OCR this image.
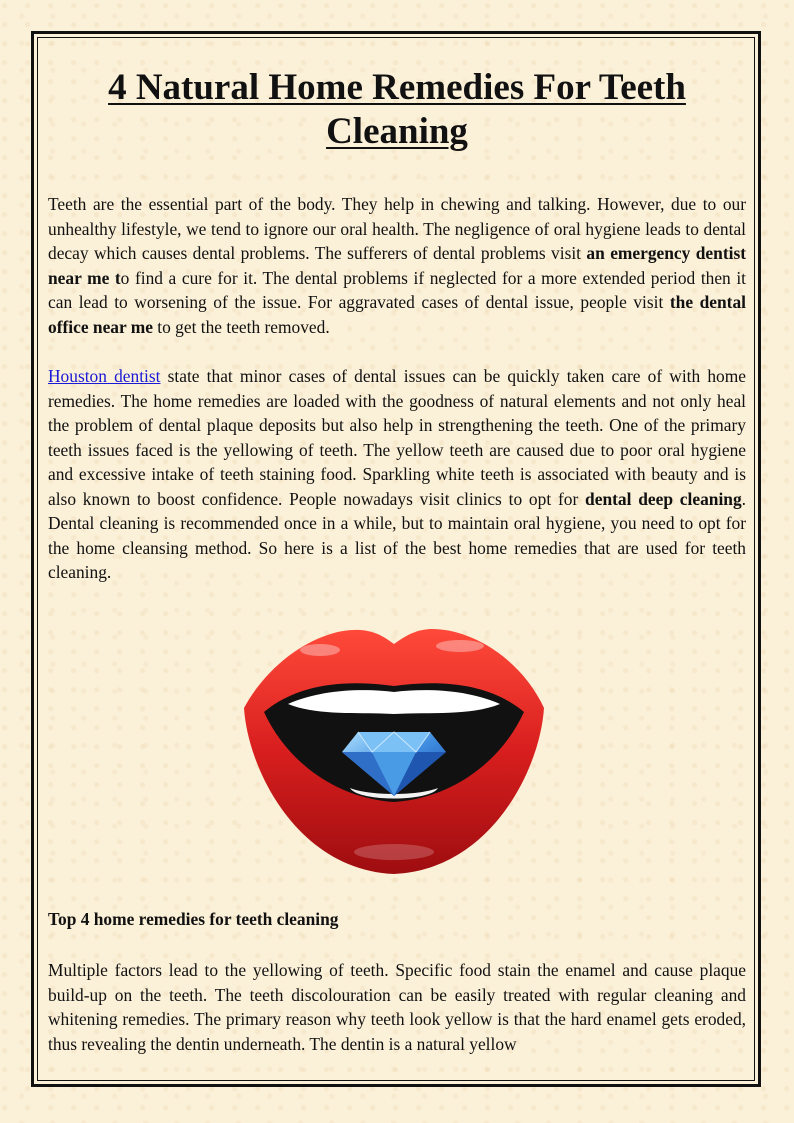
4 Natural Home Remedies For Teeth Cleaning

Teeth are the essential part of the body. They help in chewing and talking. However, due to our unhealthy lifestyle, we tend to ignore our oral health. The negligence of oral hygiene leads to dental decay which causes dental problems. The sufferers of dental problems visit an emergency dentist near me to find a cure for it. The dental problems if neglected for a more extended period then it can lead to worsening of the issue. For aggravated cases of dental issue, people visit the dental office near me to get the teeth removed.

Houston dentist state that minor cases of dental issues can be quickly taken care of with home remedies. The home remedies are loaded with the goodness of natural elements and not only heal the problem of dental plaque deposits but also help in strengthening the teeth. One of the primary teeth issues faced is the yellowing of teeth. The yellow teeth are caused due to poor oral hygiene and excessive intake of teeth staining food. Sparkling white teeth is associated with beauty and is also known to boost confidence. People nowadays visit clinics to opt for dental deep cleaning. Dental cleaning is recommended once in a while, but to maintain oral hygiene, you need to opt for the home cleansing method. So here is a list of the best home remedies that are used for teeth cleaning.

Top 4 home remedies for teeth cleaning

Multiple factors lead to the yellowing of teeth. Specific food stain the enamel and cause plaque build-up on the teeth. The teeth discolouration can be easily treated with regular cleaning and whitening remedies. The primary reason why teeth look yellow is that the hard enamel gets eroded, thus revealing the dentin underneath. The dentin is a natural yellow
